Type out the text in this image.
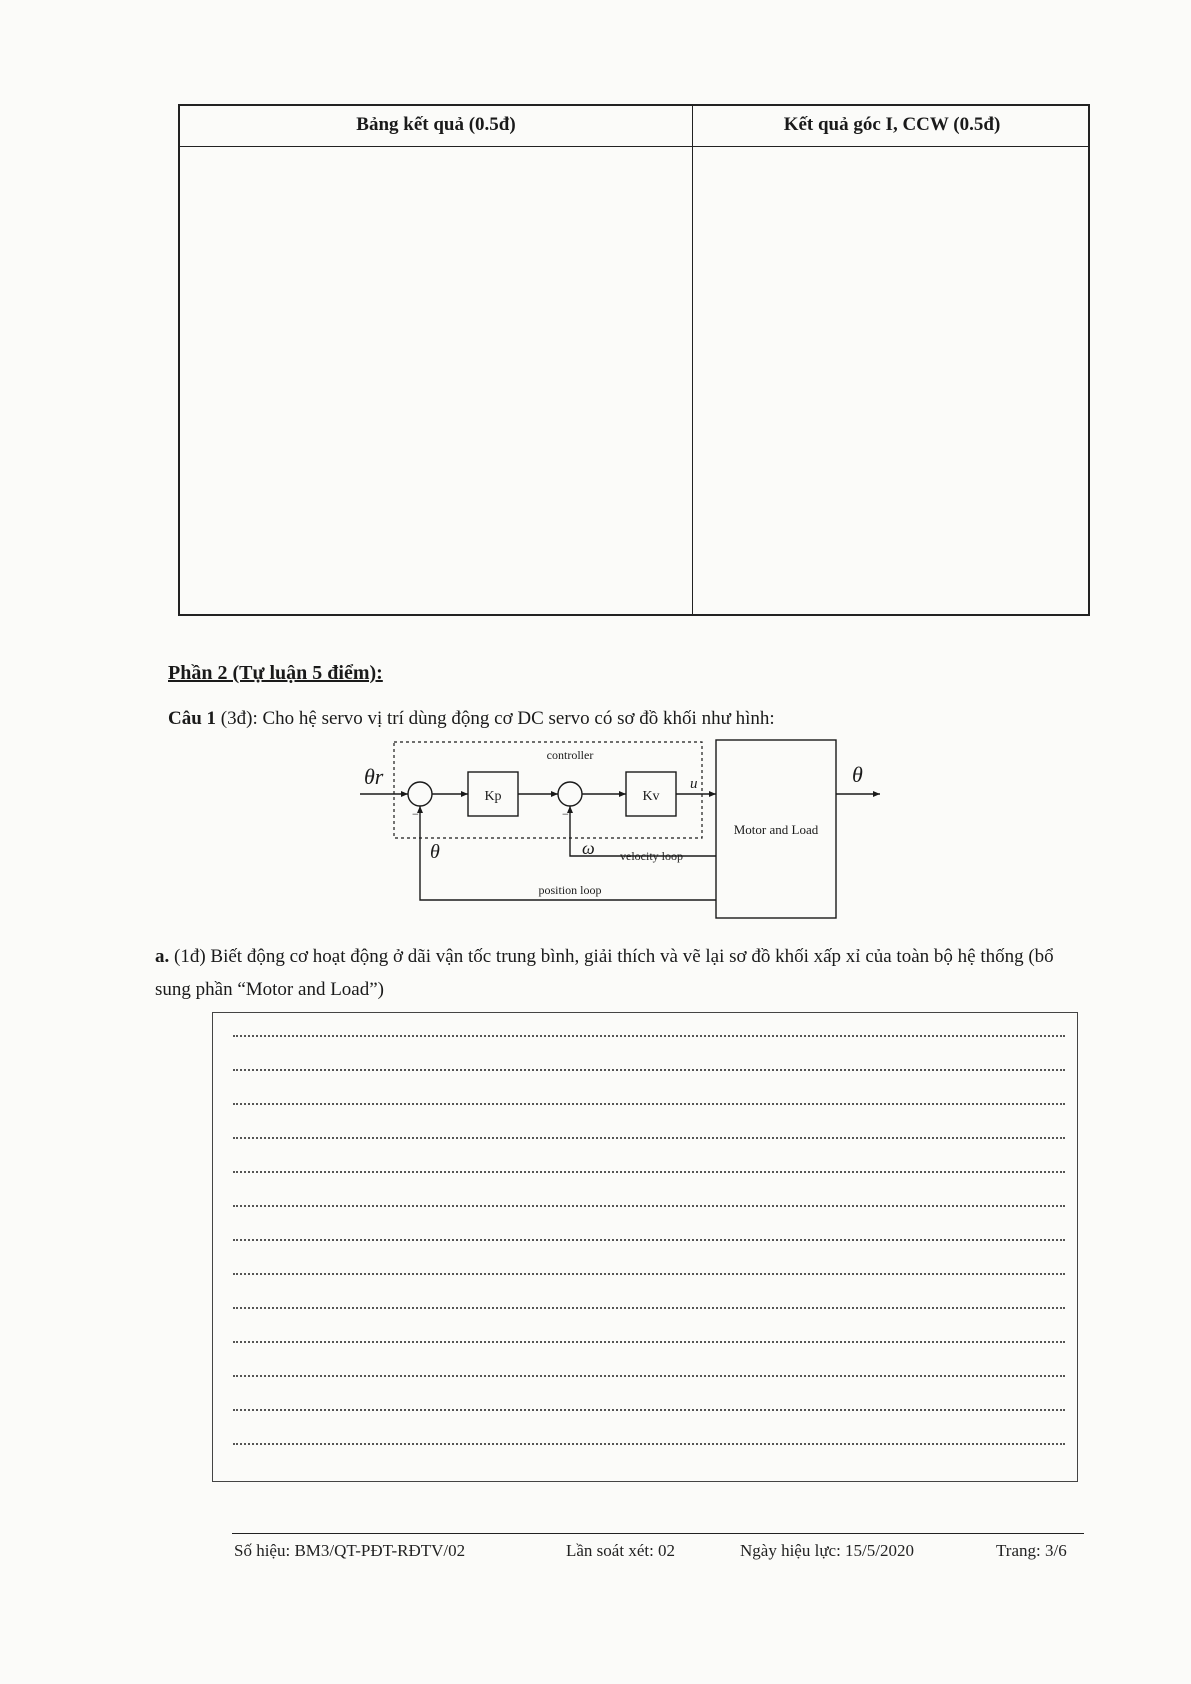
Bảng kết quả (0.5đ)	Kết quả góc I, CCW (0.5đ)
Phần 2 (Tự luận 5 điểm):
Câu 1 (3đ): Cho hệ servo vị trí dùng động cơ DC servo có sơ đồ khối như hình:
controller
θr
Kp	Kv
u
Motor and Load
θ
ω velocity loop
−
θ
position loop
−
a. (1đ) Biết động cơ hoạt động ở dãi vận tốc trung bình, giải thích và vẽ lại sơ đồ khối xấp xỉ của toàn bộ hệ thống (bổ sung phần “Motor and Load”)
Số hiệu: BM3/QT-PĐT-RĐTV/02	Lần soát xét: 02	Ngày hiệu lực: 15/5/2020	Trang: 3/6
